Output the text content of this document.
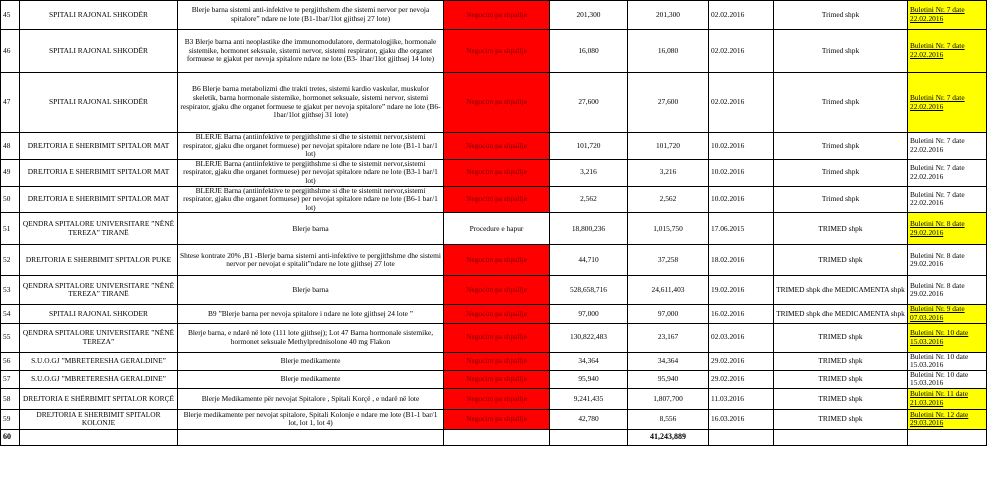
45	SPITALI RAJONAL SHKODËR	Blerje barna sistemi anti-infektive te pergjithshem dhe sistemi nervor per nevoja spitalore” ndare ne lote (B1-1bar/1lot gjithsej 27 lote)	Negocim pa shpallje	201,300	201,300	02.02.2016	Trimed shpk	Buletini Nr. 7 date 22.02.2016
46	SPITALI RAJONAL SHKODËR	B3 Blerje barna anti neoplastike dhe immunomodulatore, dermatologjike, hormonale sistemike, hormonet seksuale, sistemi nervor, sistemi respirator, gjaku dhe organet formuese te gjakut per nevoja spitalore ndare ne lote (B3- 1bar/1lot gjithsej 14 lote)	Negocim pa shpallje	16,080	16,080	02.02.2016	Trimed shpk	Buletini Nr. 7 date 22.02.2016
47	SPITALI RAJONAL SHKODËR	B6 Blerje barna metabolizmi dhe trakti tretes, sistemi kardio vaskular, muskulor skeletik, barna hormonale sistemike, hormonet seksuale, sistemi nervor, sistemi respirator, gjaku dhe organet formuese te gjakut per nevoja spitalore” ndare ne lote (B6-1bar/1lot gjithsej 31 lote)	Negocim pa shpallje	27,600	27,600	02.02.2016	Trimed shpk	Buletini Nr. 7 date 22.02.2016
48	DREJTORIA E SHERBIMIT SPITALOR MAT	BLERJE Barna (antiinfektive te pergjithshme si dhe te sistemit nervor,sistemi respirator, gjaku dhe organet formuese) per nevojat spitalore ndare ne lote (B1-1 bar/1 lot)	Negocim pa shpallje	101,720	101,720	10.02.2016	Trimed shpk	Buletini Nr. 7 date 22.02.2016
49	DREJTORIA E SHERBIMIT SPITALOR MAT	BLERJE Barna (antiinfektive te pergjithshme si dhe te sistemit nervor,sistemi respirator, gjaku dhe organet formuese) per nevojat spitalore ndare ne lote (B3-1 bar/1 lot)	Negocim pa shpallje	3,216	3,216	10.02.2016	Trimed shpk	Buletini Nr. 7 date 22.02.2016
50	DREJTORIA E SHERBIMIT SPITALOR MAT	BLERJE Barna (antiinfektive te pergjithshme si dhe te sistemit nervor,sistemi respirator, gjaku dhe organet formuese) per nevojat spitalore ndare ne lote (B6-1 bar/1 lot)	Negocim pa shpallje	2,562	2,562	10.02.2016	Trimed shpk	Buletini Nr. 7 date 22.02.2016
51	QENDRA SPITALORE UNIVERSITARE ”NËNË TEREZA” TIRANË	Blerje barna	Procedure e hapur	18,800,236	1,015,750	17.06.2015	TRIMED shpk	Buletini Nr. 8 date 29.02.2016
52	DREJTORIA E SHERBIMIT SPITALOR PUKE	Shtese kontrate 20% ,B1 -Blerje barna sistemi anti-infektive te pergjithshme dhe sistemi nervor per nevojat e spitalit”ndare ne lote gjithsej 27 lote	Negocim pa shpallje	44,710	37,258	18.02.2016	TRIMED shpk	Buletini Nr. 8 date 29.02.2016
53	QENDRA SPITALORE UNIVERSITARE ”NËNË TEREZA” TIRANË	Blerje barna	Negocim pa shpallje	528,658,716	24,611,403	19.02.2016	TRIMED shpk dhe MEDICAMENTA shpk	Buletini Nr. 8 date 29.02.2016
54	SPITALI RAJONAL SHKODER	B9 ”Blerje barna per nevoja spitalore i ndare ne lote gjithsej 24 lote ”	Negocim pa shpallje	97,000	97,000	16.02.2016	TRIMED shpk dhe MEDICAMENTA shpk	Buletini Nr. 9 date 07.03.2016
55	QENDRA SPITALORE UNIVERSITARE ”NËNË TEREZA”	Blerje barna, e ndarë në lote (111 lote gjithsej); Lot 47 Barna hormonale sistemike, hormonet seksuale Methylprednisolone 40 mg Flakon	Negocim pa shpallje	130,822,483	23,167	02.03.2016	TRIMED shpk	Buletini Nr. 10 date 15.03.2016
56	S.U.O.GJ ”MBRETERESHA GERALDINE”	Blerje medikamente	Negocim pa shpallje	34,364	34,364	29.02.2016	TRIMED shpk	Buletini Nr. 10 date 15.03.2016
57	S.U.O.GJ ”MBRETERESHA GERALDINE”	Blerje medikamente	Negocim pa shpallje	95,940	95,940	29.02.2016	TRIMED shpk	Buletini Nr. 10 date 15.03.2016
58	DREJTORIA E SHËRBIMIT SPITALOR KORÇË	Blerje Medikamente për nevojat Spitalore , Spitali Korçë , e ndarë në lote	Negocim pa shpallje	9,241,435	1,807,700	11.03.2016	TRIMED shpk	Buletini Nr. 11 date 21.03.2016
59	DREJTORIA E SHERBIMIT SPITALOR KOLONJE	Blerje medikamente per nevojat spitalore, Spitali Kolonje e ndare me lote (B1-1 bar/1 lot, lot 1, lot 4)	Negocim pa shpallje	42,780	8,556	16.03.2016	TRIMED shpk	Buletini Nr. 12 date 29.03.2016
60					41,243,889			
